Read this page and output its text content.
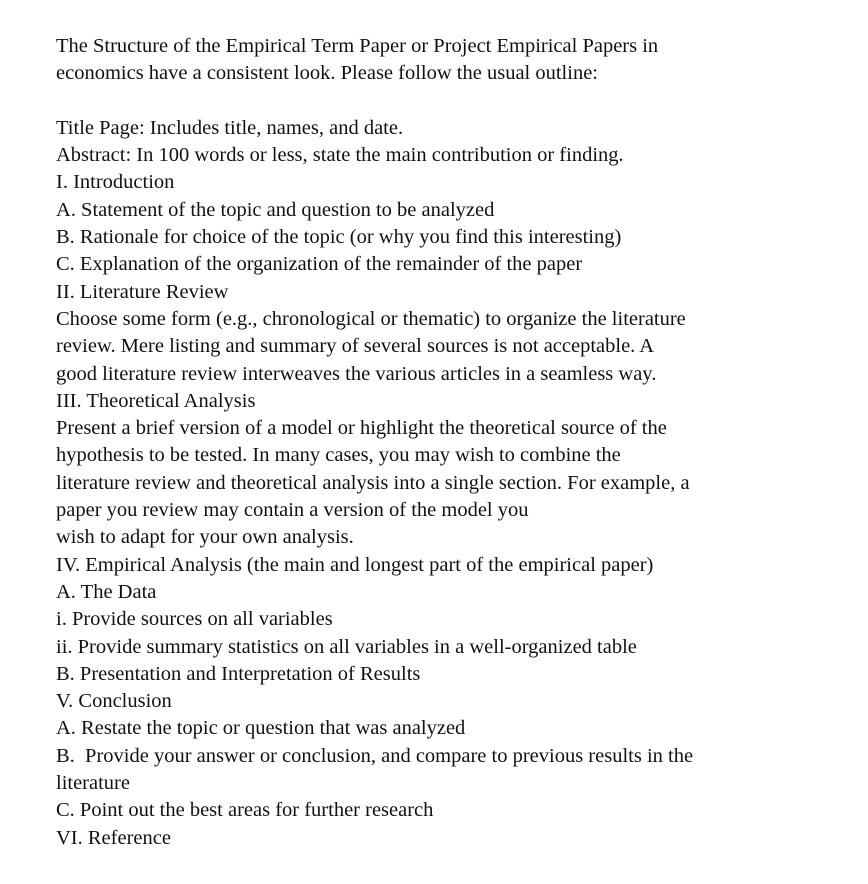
The Structure of the Empirical Term Paper or Project Empirical Papers in
economics have a consistent look. Please follow the usual outline:
Title Page: Includes title, names, and date.
Abstract: In 100 words or less, state the main contribution or finding.
I. Introduction
A. Statement of the topic and question to be analyzed
B. Rationale for choice of the topic (or why you find this interesting)
C. Explanation of the organization of the remainder of the paper
II. Literature Review
Choose some form (e.g., chronological or thematic) to organize the literature
review. Mere listing and summary of several sources is not acceptable. A
good literature review interweaves the various articles in a seamless way.
III. Theoretical Analysis
Present a brief version of a model or highlight the theoretical source of the
hypothesis to be tested. In many cases, you may wish to combine the
literature review and theoretical analysis into a single section. For example, a
paper you review may contain a version of the model you
wish to adapt for your own analysis.
IV. Empirical Analysis (the main and longest part of the empirical paper)
A. The Data
i. Provide sources on all variables
ii. Provide summary statistics on all variables in a well-organized table
B. Presentation and Interpretation of Results
V. Conclusion
A. Restate the topic or question that was analyzed
B.  Provide your answer or conclusion, and compare to previous results in the
literature
C. Point out the best areas for further research
VI. Reference
